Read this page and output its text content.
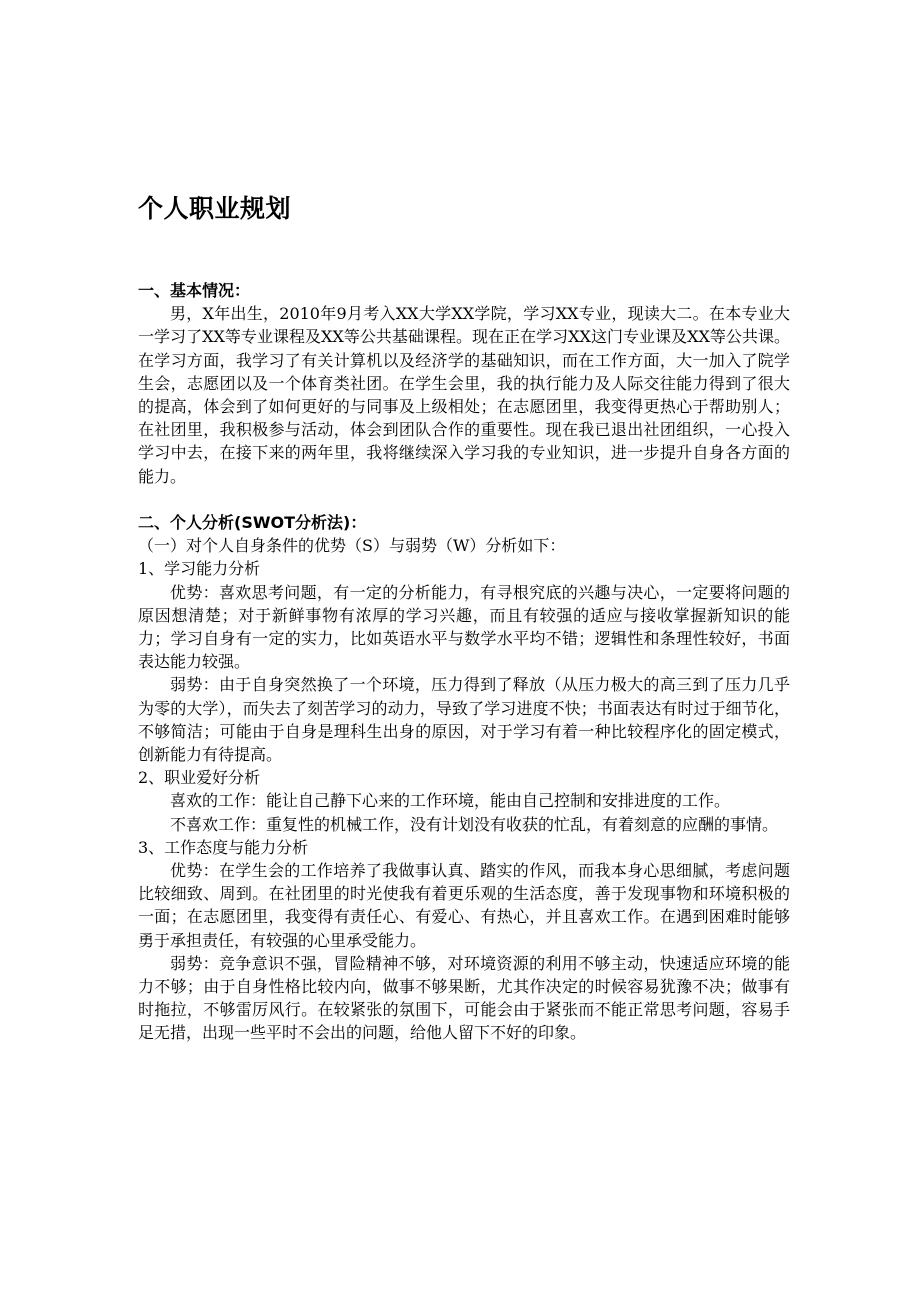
个人职业规划

一、基本情况：

男，X年出生，2010年9月考入XX大学XX学院，学习XX专业，现读大二。在本专业大一学习了XX等专业课程及XX等公共基础课程。现在正在学习XX这门专业课及XX等公共课。在学习方面，我学习了有关计算机以及经济学的基础知识，而在工作方面，大一加入了院学生会，志愿团以及一个体育类社团。在学生会里，我的执行能力及人际交往能力得到了很大的提高，体会到了如何更好的与同事及上级相处；在志愿团里，我变得更热心于帮助别人；在社团里，我积极参与活动，体会到团队合作的重要性。现在我已退出社团组织，一心投入学习中去，在接下来的两年里，我将继续深入学习我的专业知识，进一步提升自身各方面的能力。

二、个人分析(SWOT分析法)：

（一）对个人自身条件的优势（S）与弱势（W）分析如下：

1、学习能力分析

优势：喜欢思考问题，有一定的分析能力，有寻根究底的兴趣与决心，一定要将问题的原因想清楚；对于新鲜事物有浓厚的学习兴趣，而且有较强的适应与接收掌握新知识的能力；学习自身有一定的实力，比如英语水平与数学水平均不错；逻辑性和条理性较好，书面表达能力较强。

弱势：由于自身突然换了一个环境，压力得到了释放（从压力极大的高三到了压力几乎为零的大学），而失去了刻苦学习的动力，导致了学习进度不快；书面表达有时过于细节化，不够简洁；可能由于自身是理科生出身的原因，对于学习有着一种比较程序化的固定模式，创新能力有待提高。

2、职业爱好分析

喜欢的工作：能让自己静下心来的工作环境，能由自己控制和安排进度的工作。

不喜欢工作：重复性的机械工作，没有计划没有收获的忙乱，有着刻意的应酬的事情。

3、工作态度与能力分析

优势：在学生会的工作培养了我做事认真、踏实的作风，而我本身心思细腻，考虑问题比较细致、周到。在社团里的时光使我有着更乐观的生活态度，善于发现事物和环境积极的一面；在志愿团里，我变得有责任心、有爱心、有热心，并且喜欢工作。在遇到困难时能够勇于承担责任，有较强的心里承受能力。

弱势：竞争意识不强，冒险精神不够，对环境资源的利用不够主动，快速适应环境的能力不够；由于自身性格比较内向，做事不够果断，尤其作决定的时候容易犹豫不决；做事有时拖拉，不够雷厉风行。在较紧张的氛围下，可能会由于紧张而不能正常思考问题，容易手足无措，出现一些平时不会出的问题，给他人留下不好的印象。
